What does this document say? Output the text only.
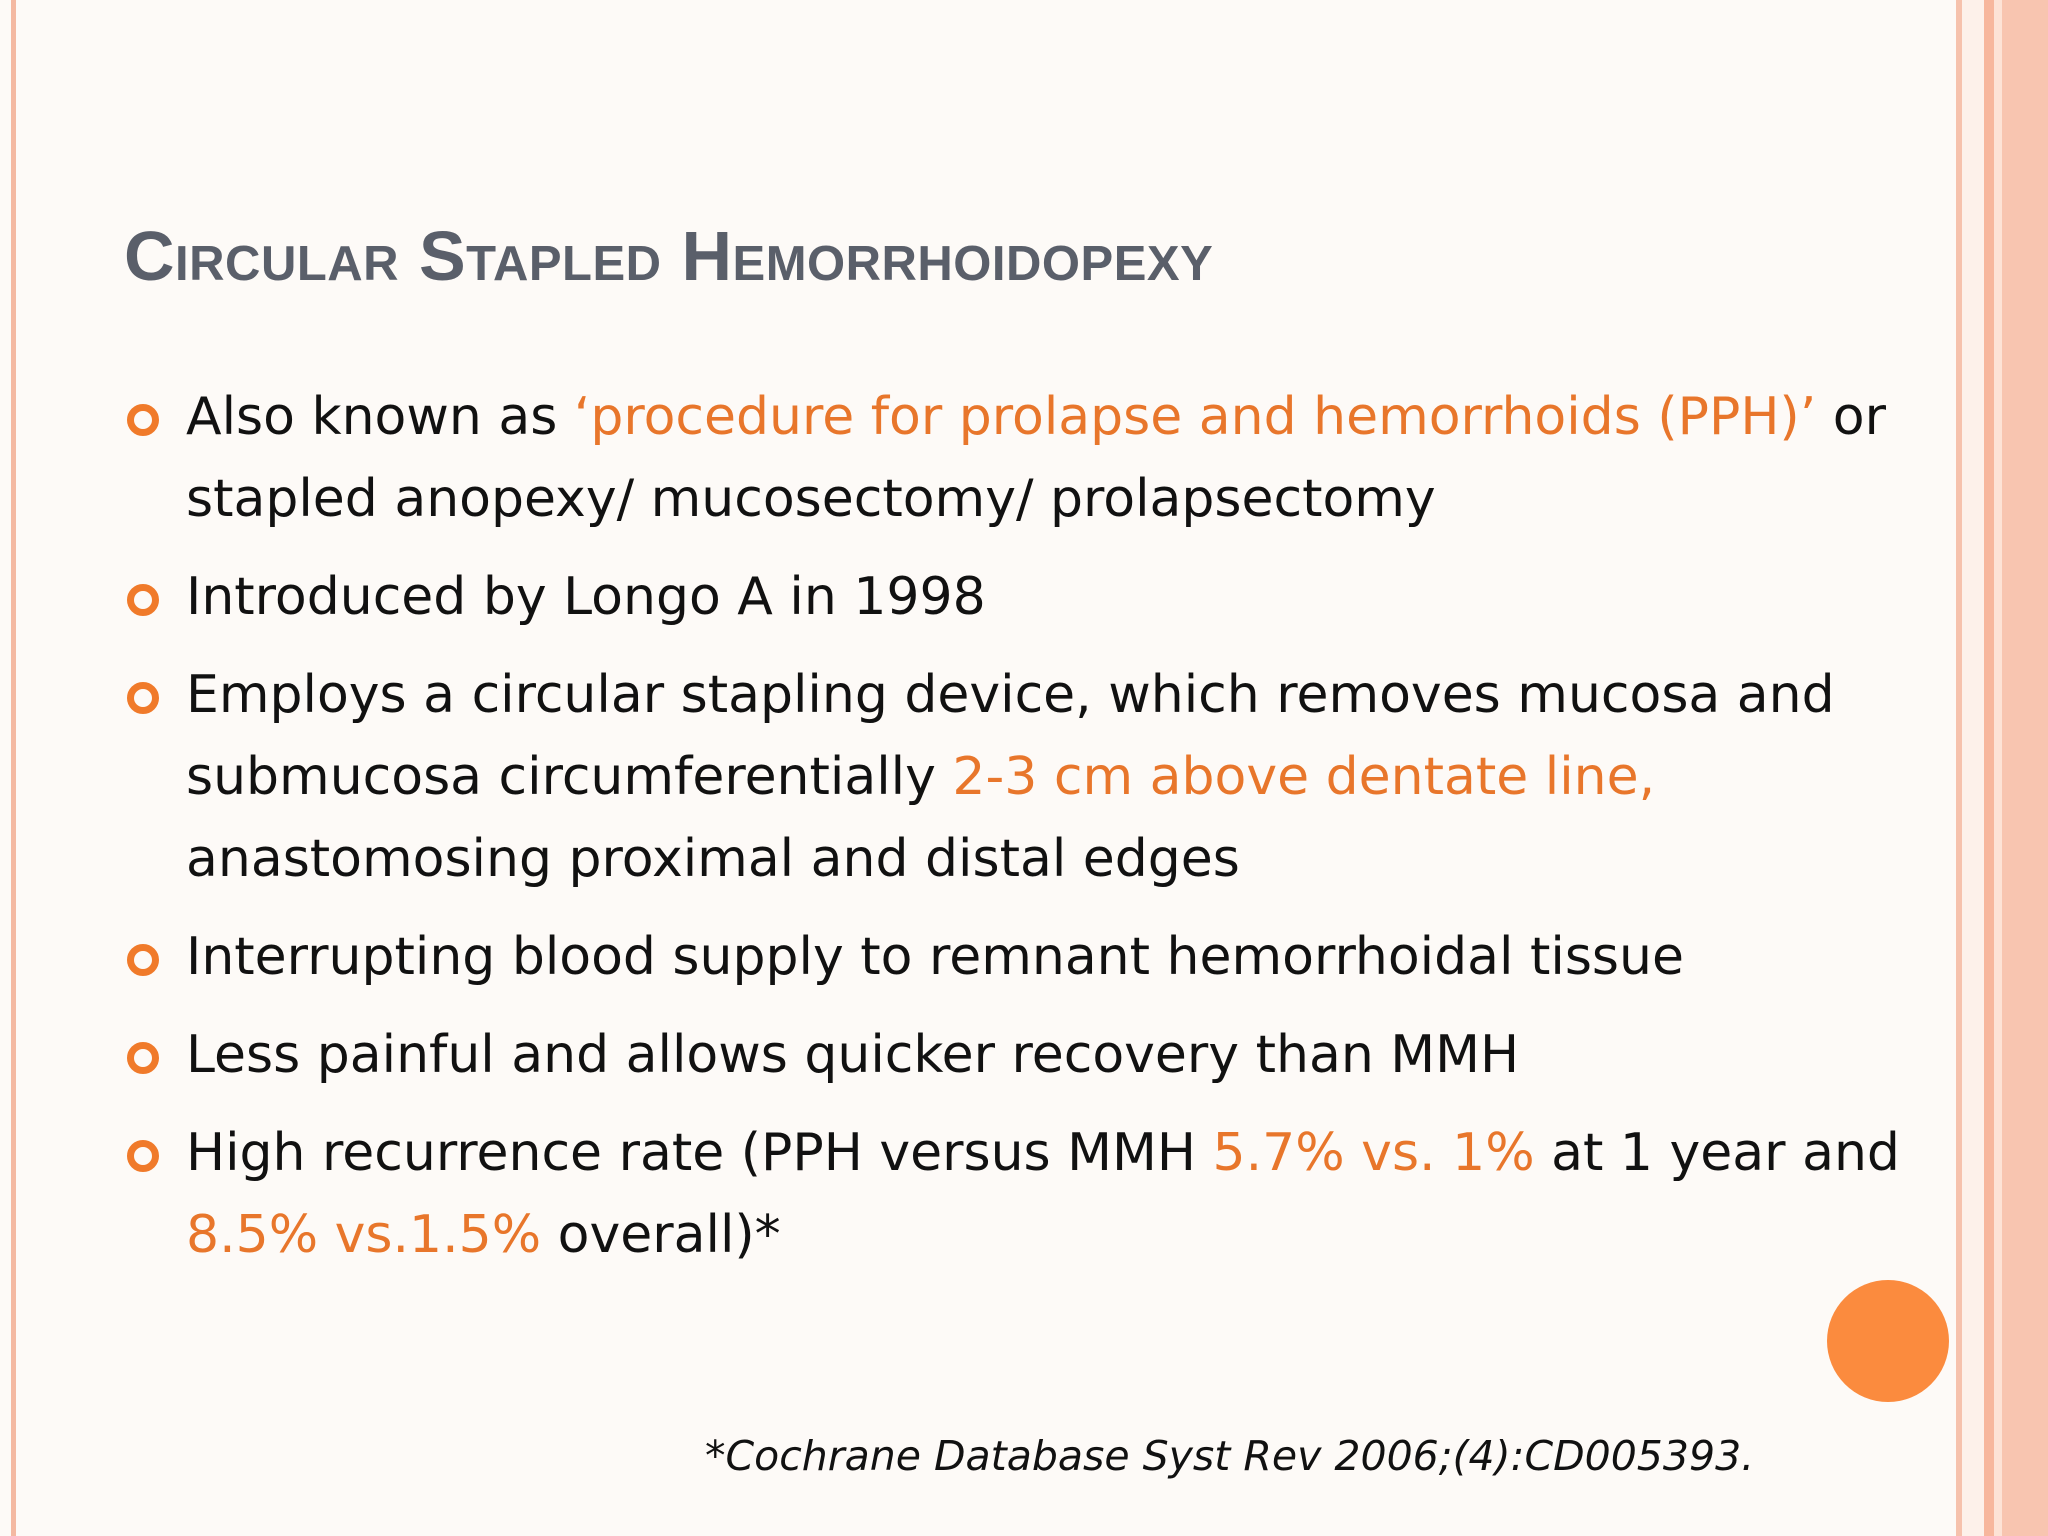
Circular Stapled Hemorrhoidopexy
Also known as ‘procedure for prolapse and hemorrhoids (PPH)’ or stapled anopexy/ mucosectomy/ prolapsectomy
Introduced by Longo A in 1998
Employs a circular stapling device, which removes mucosa and submucosa circumferentially 2-3 cm above dentate line, anastomosing proximal and distal edges
Interrupting blood supply to remnant hemorrhoidal tissue
Less painful and allows quicker recovery than MMH
High recurrence rate (PPH versus MMH 5.7% vs. 1% at 1 year and 8.5% vs.1.5% overall)*
*Cochrane Database Syst Rev 2006;(4):CD005393.
